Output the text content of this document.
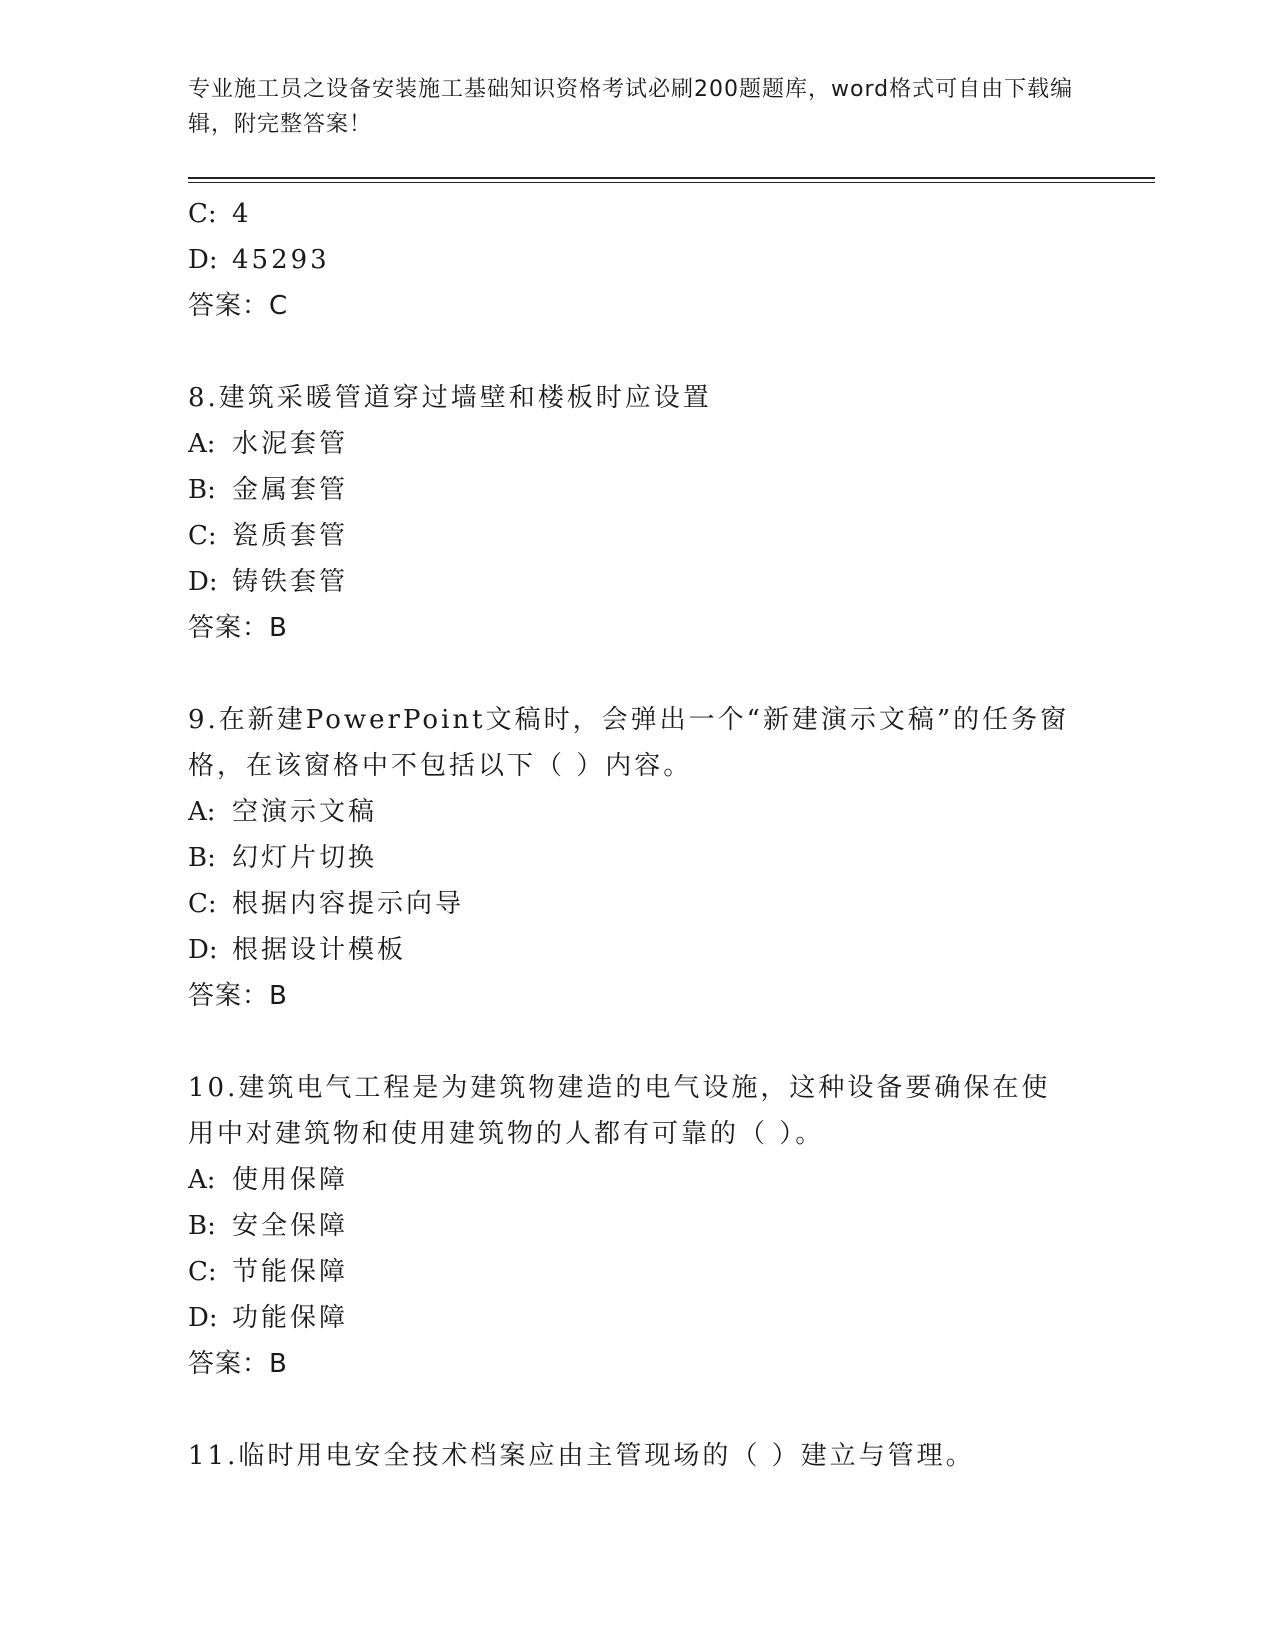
专业施工员之设备安装施工基础知识资格考试必刷200题题库，word格式可自由下载编辑，附完整答案！
C: 4
D: 45293
答案：C
8.建筑采暖管道穿过墙壁和楼板时应设置
A: 水泥套管
B: 金属套管
C: 瓷质套管
D: 铸铁套管
答案：B
9.在新建PowerPoint文稿时，会弹出一个“新建演示文稿”的任务窗格，在该窗格中不包括以下（ ）内容。
A: 空演示文稿
B: 幻灯片切换
C: 根据内容提示向导
D: 根据设计模板
答案：B
10.建筑电气工程是为建筑物建造的电气设施，这种设备要确保在使用中对建筑物和使用建筑物的人都有可靠的（ ）。
A: 使用保障
B: 安全保障
C: 节能保障
D: 功能保障
答案：B
11.临时用电安全技术档案应由主管现场的（ ）建立与管理。
